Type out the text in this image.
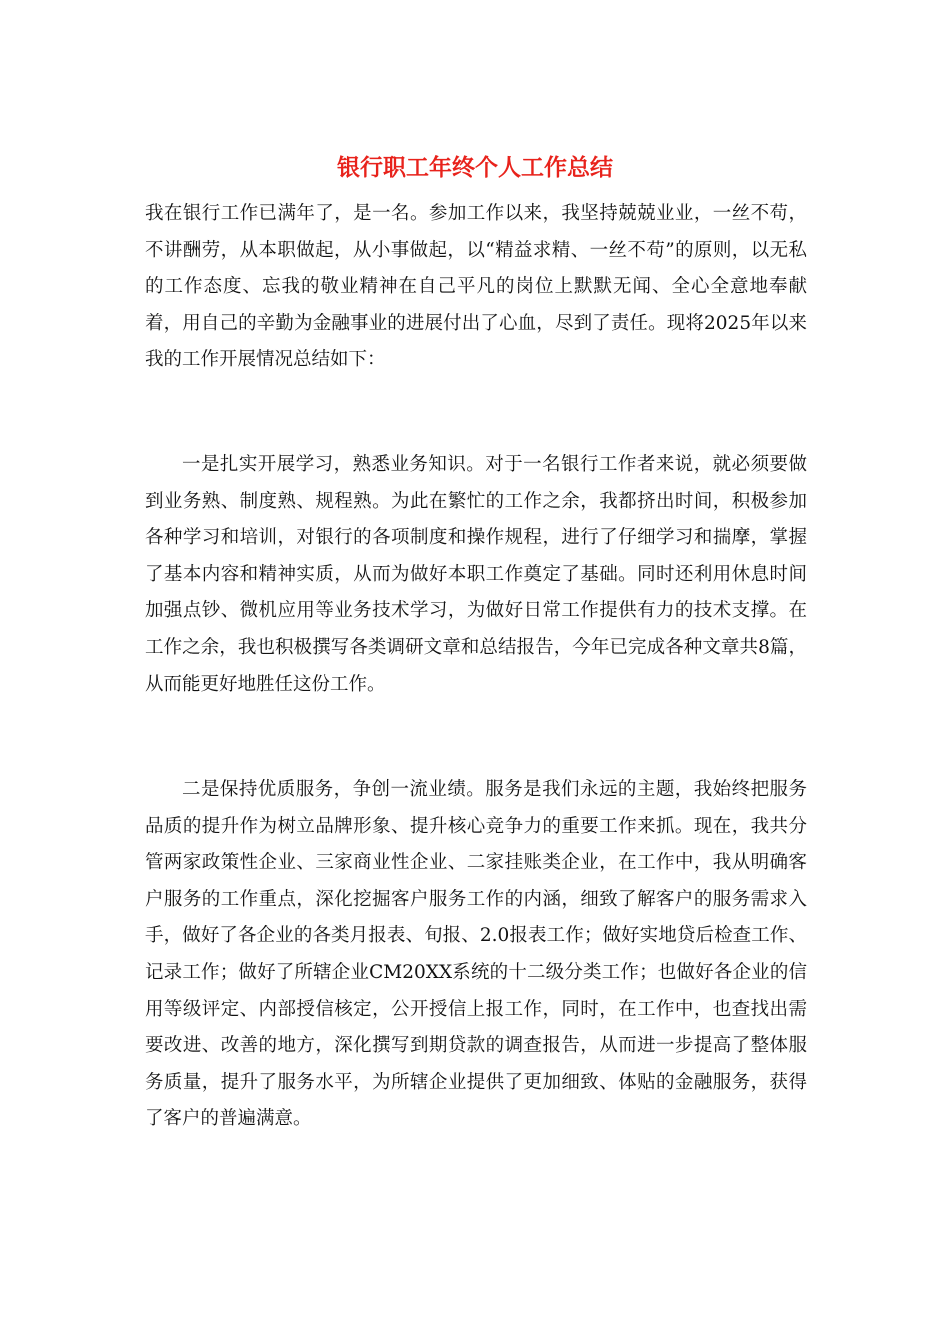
银行职工年终个人工作总结

我在银行工作已满年了，是一名。参加工作以来，我坚持兢兢业业，一丝不苟，不讲酬劳，从本职做起，从小事做起，以“精益求精、一丝不苟”的原则，以无私的工作态度、忘我的敬业精神在自己平凡的岗位上默默无闻、全心全意地奉献着，用自己的辛勤为金融事业的进展付出了心血，尽到了责任。现将2025年以来我的工作开展情况总结如下：

一是扎实开展学习，熟悉业务知识。对于一名银行工作者来说，就必须要做到业务熟、制度熟、规程熟。为此在繁忙的工作之余，我都挤出时间，积极参加各种学习和培训，对银行的各项制度和操作规程，进行了仔细学习和揣摩，掌握了基本内容和精神实质，从而为做好本职工作奠定了基础。同时还利用休息时间加强点钞、微机应用等业务技术学习，为做好日常工作提供有力的技术支撑。在工作之余，我也积极撰写各类调研文章和总结报告，今年已完成各种文章共8篇，从而能更好地胜任这份工作。

二是保持优质服务，争创一流业绩。服务是我们永远的主题，我始终把服务品质的提升作为树立品牌形象、提升核心竞争力的重要工作来抓。现在，我共分管两家政策性企业、三家商业性企业、二家挂账类企业，在工作中，我从明确客户服务的工作重点，深化挖掘客户服务工作的内涵，细致了解客户的服务需求入手，做好了各企业的各类月报表、旬报、2.0报表工作；做好实地贷后检查工作、记录工作；做好了所辖企业CM20XX系统的十二级分类工作；也做好各企业的信用等级评定、内部授信核定，公开授信上报工作，同时，在工作中，也查找出需要改进、改善的地方，深化撰写到期贷款的调查报告，从而进一步提高了整体服务质量，提升了服务水平，为所辖企业提供了更加细致、体贴的金融服务，获得了客户的普遍满意。
